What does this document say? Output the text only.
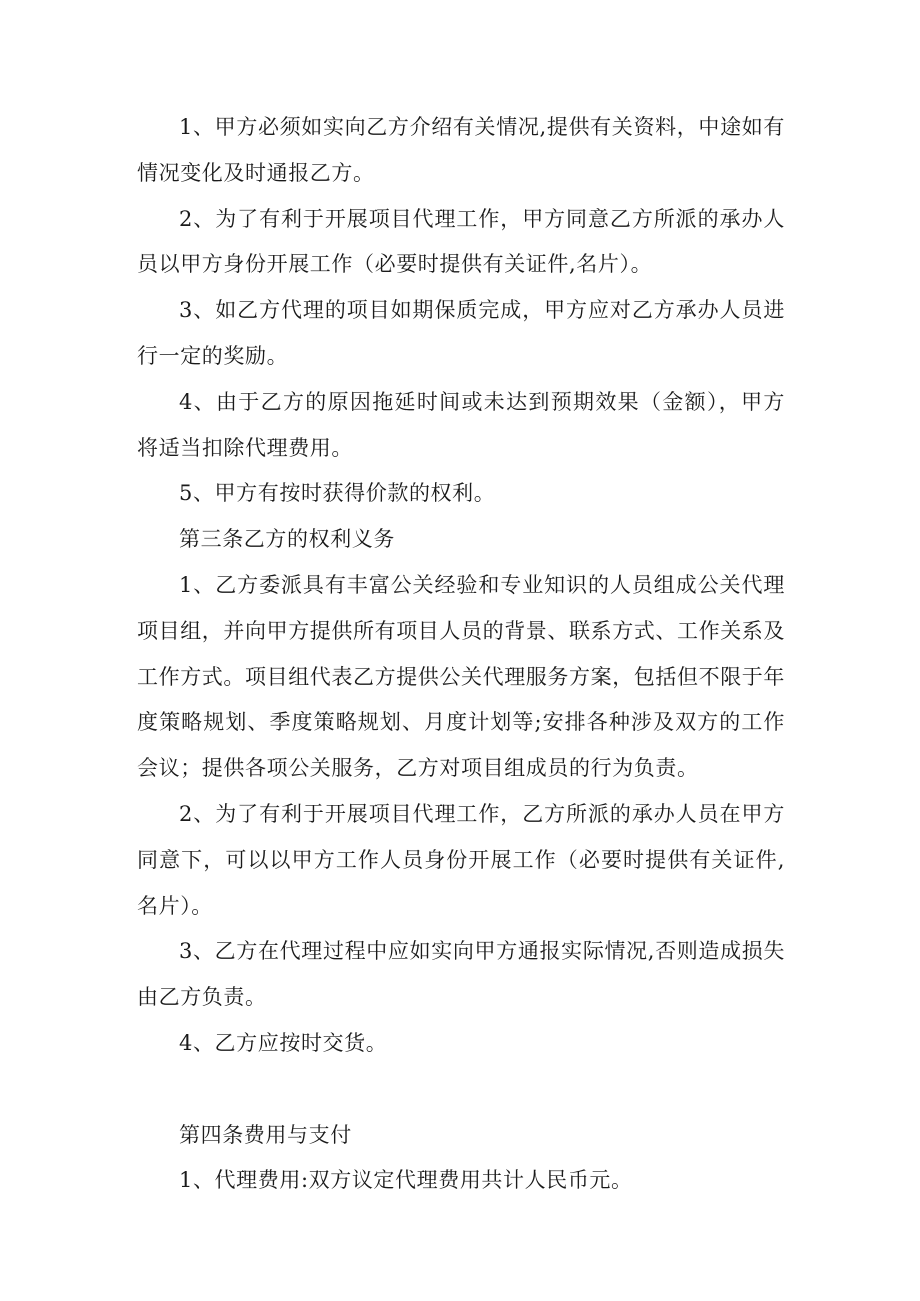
1、甲方必须如实向乙方介绍有关情况,提供有关资料，中途如有情况变化及时通报乙方。

2、为了有利于开展项目代理工作，甲方同意乙方所派的承办人员以甲方身份开展工作（必要时提供有关证件,名片）。

3、如乙方代理的项目如期保质完成，甲方应对乙方承办人员进行一定的奖励。

4、由于乙方的原因拖延时间或未达到预期效果（金额），甲方将适当扣除代理费用。

5、甲方有按时获得价款的权利。

第三条乙方的权利义务

1、乙方委派具有丰富公关经验和专业知识的人员组成公关代理项目组，并向甲方提供所有项目人员的背景、联系方式、工作关系及工作方式。项目组代表乙方提供公关代理服务方案，包括但不限于年度策略规划、季度策略规划、月度计划等;安排各种涉及双方的工作会议；提供各项公关服务，乙方对项目组成员的行为负责。

2、为了有利于开展项目代理工作，乙方所派的承办人员在甲方同意下，可以以甲方工作人员身份开展工作（必要时提供有关证件,名片）。

3、乙方在代理过程中应如实向甲方通报实际情况,否则造成损失由乙方负责。

4、乙方应按时交货。

第四条费用与支付

1、代理费用:双方议定代理费用共计人民币元。
